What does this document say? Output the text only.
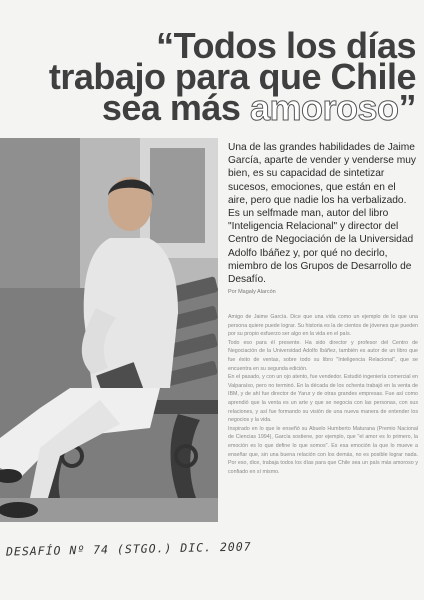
“Todos los días
trabajo para que Chile
sea más amoroso”
Una de las grandes habilidades de Jaime García, aparte de vender y venderse muy bien, es su capacidad de sintetizar sucesos, emociones, que están en el aire, pero que nadie los ha verbalizado. Es un selfmade man, autor del libro "Inteligencia Relacional" y director del Centro de Negociación de la Universidad Adolfo Ibáñez y, por qué no decirlo, miembro de los Grupos de Desarrollo de Desafío.
Por Magaly Alarcón

Amigo de Jaime García. Dice que una vida como un ejemplo de lo que una persona quiere puede lograr. Su historia es la de cientos de jóvenes que pueden por su propio esfuerzo ser algo en la vida en el país.

Todo eso para él presente. Ha sido director y profesor del Centro de Negociación de la Universidad Adolfo Ibáñez, también es autor de un libro que fue éxito de ventas, sobre todo su libro "Inteligencia Relacional", que se encuentra en su segunda edición.

En el pasado, y con un ojo atento, fue vendedor. Estudió ingeniería comercial en Valparaíso, pero no terminó. En la década de los ochenta trabajó en la venta de IBM, y de ahí fue director de Yarur y de otras grandes empresas. Fue así como aprendió que la venta es un arte y que se negocia con las personas, con sus relaciones, y así fue formando su visión de una nueva manera de entender los negocios y la vida.

Inspirado en lo que le enseñó su Abuelo Humberto Maturana (Premio Nacional de Ciencias 1994), García sostiene, por ejemplo, que "el amor es lo primero, la emoción es lo que define lo que somos". Es esa emoción la que lo mueve a enseñar que, sin una buena relación con los demás, no es posible lograr nada. Por eso, dice, trabaja todos los días para que Chile sea un país más amoroso y confiado en sí mismo.

DESAFÍO Nº 74 (STGO.) DIC. 2007
